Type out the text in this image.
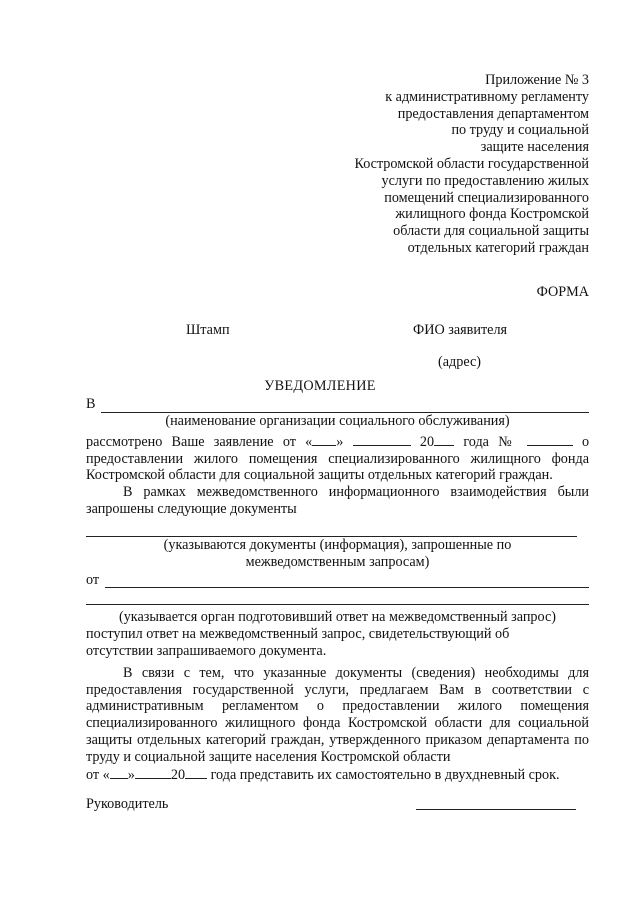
Приложение № 3
к административному регламенту
предоставления департаментом
по труду и социальной
защите населения
Костромской области государственной
услуги по предоставлению жилых
помещений специализированного
жилищного фонда Костромской
области для социальной защиты
отдельных категорий граждан
ФОРМА
Штамп	ФИО заявителя
(адрес)
УВЕДОМЛЕНИЕ
В
(наименование организации социального обслуживания)

рассмотрено Ваше заявление от « »	20 года №	о

предоставлении жилого помещения специализированного жилищного фонда Костромской области для социальной защиты отдельных категорий граждан.

В рамках межведомственного информационного взаимодействия были запрошены следующие документы

(указываются документы (информация), запрошенные по
межведомственным запросам)
от
(указывается орган подготовивший ответ на межведомственный запрос)

поступил ответ на межведомственный запрос, свидетельствующий об отсутствии запрашиваемого документа.

В связи с тем, что указанные документы (сведения) необходимы для предоставления государственной услуги, предлагаем Вам в соответствии с административным регламентом о предоставлении жилого помещения специализированного жилищного фонда Костромской области для социальной защиты отдельных категорий граждан, утвержденного приказом департамента по труду и социальной защите населения Костромской области

от « »	20 года представить их самостоятельно в двухдневный срок.

Руководитель
